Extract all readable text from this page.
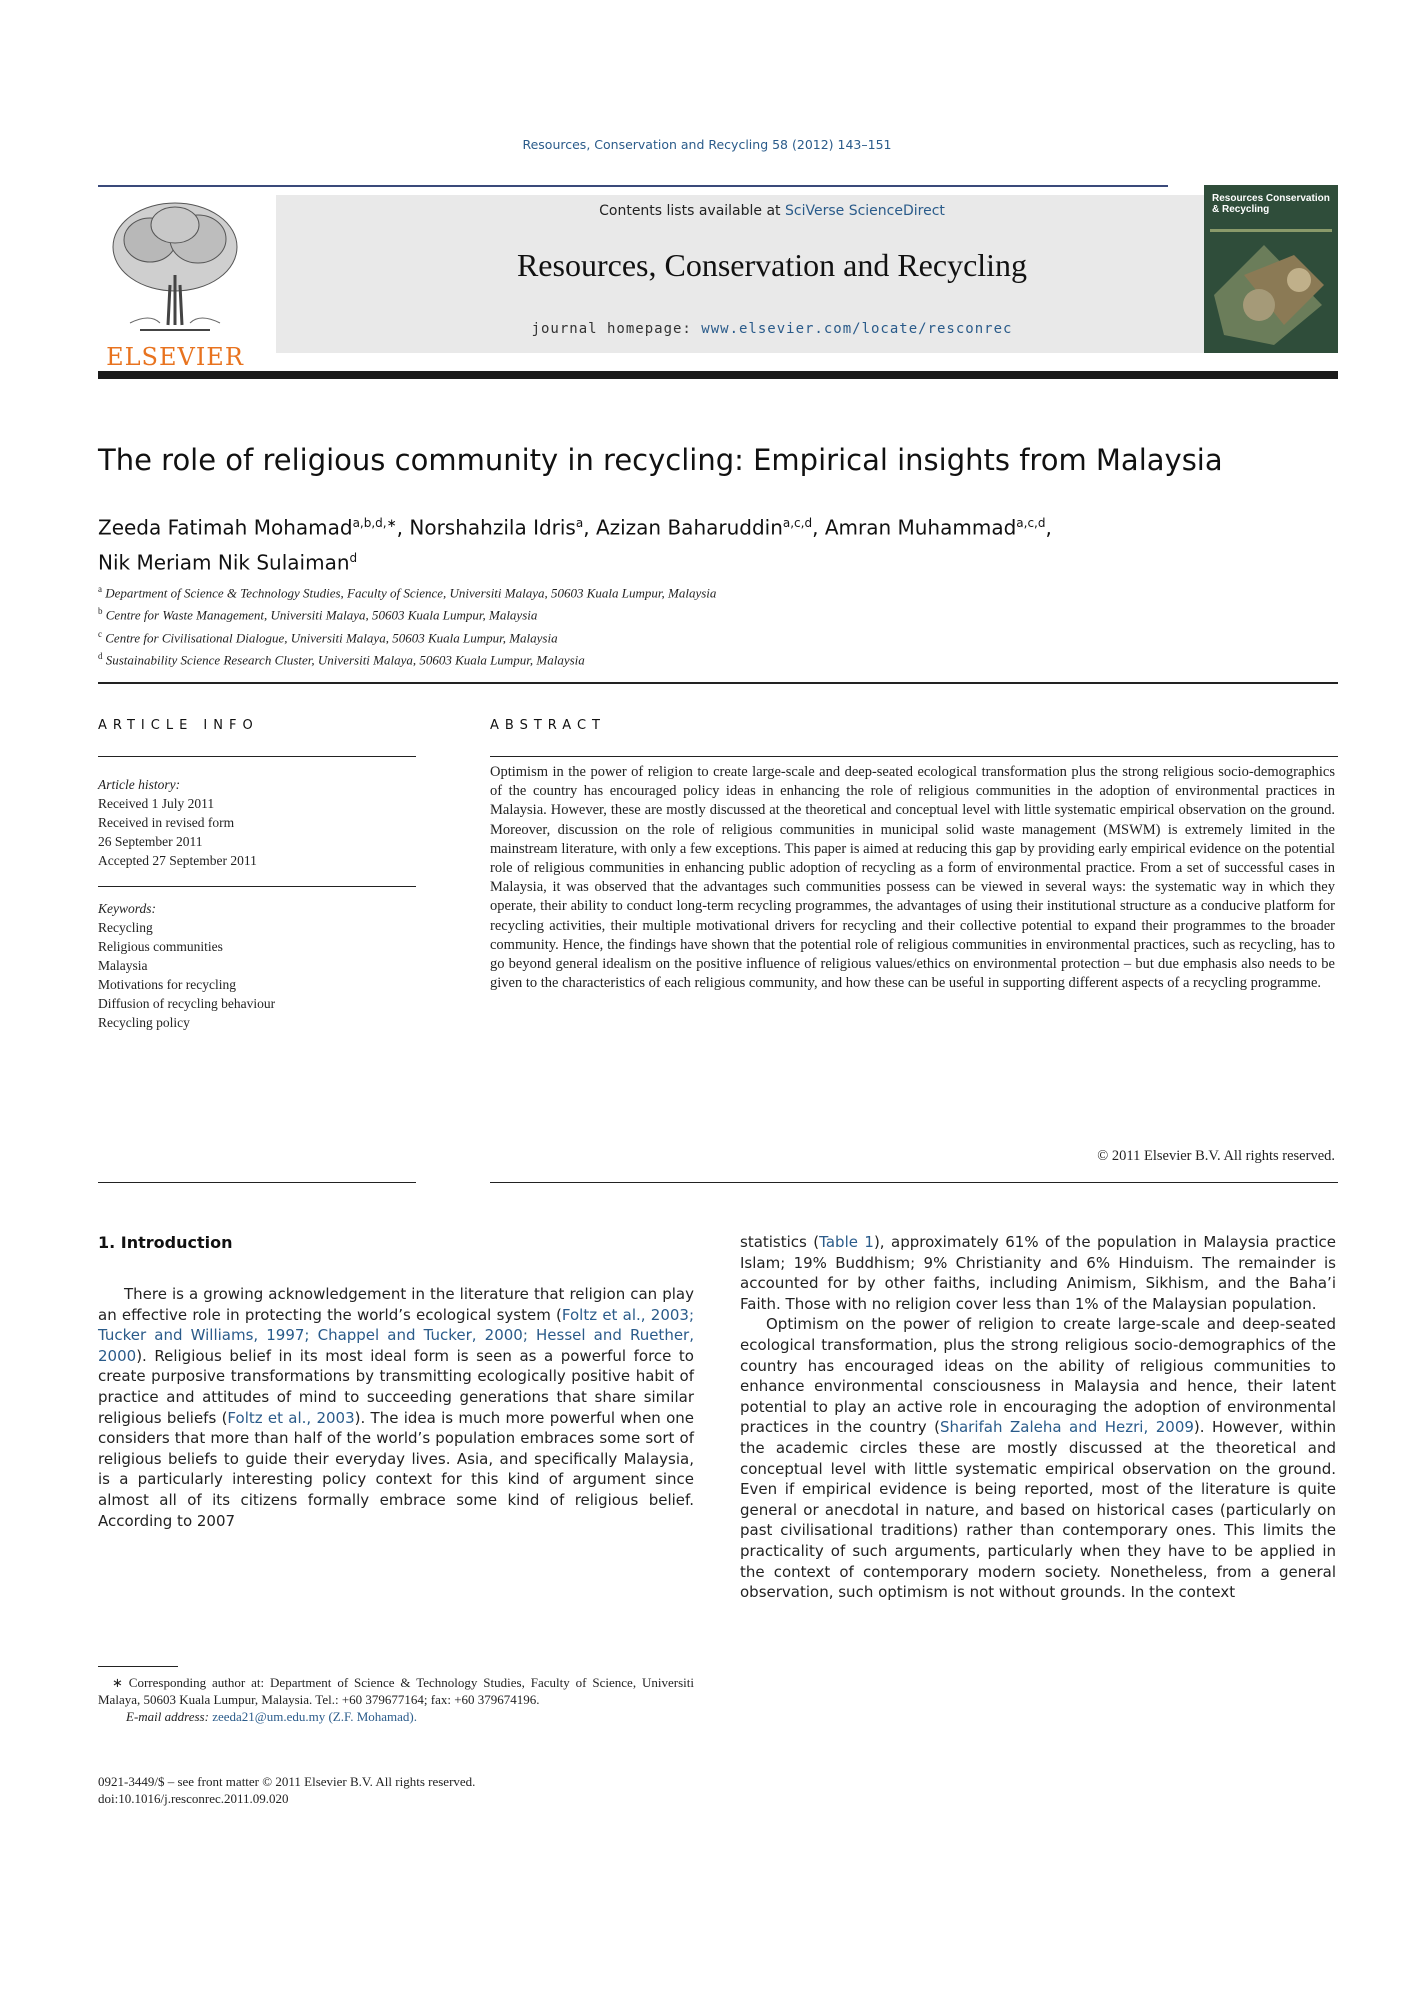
Resources, Conservation and Recycling 58 (2012) 143–151
ELSEVIER
Contents lists available at SciVerse ScienceDirect
Resources, Conservation and Recycling
journal homepage: www.elsevier.com/locate/resconrec
Resources Conservation & Recycling
The role of religious community in recycling: Empirical insights from Malaysia
Zeeda Fatimah Mohamad$^{a,b,d,∗}$, Norshahzila Idris$^a$, Azizan Baharuddin$^{a,c,d}$, Amran Muhammad$^{a,c,d}$,
Nik Meriam Nik Sulaiman$^d$
$^a$ Department of Science & Technology Studies, Faculty of Science, Universiti Malaya, 50603 Kuala Lumpur, Malaysia
$^b$ Centre for Waste Management, Universiti Malaya, 50603 Kuala Lumpur, Malaysia
$^c$ Centre for Civilisational Dialogue, Universiti Malaya, 50603 Kuala Lumpur, Malaysia
$^d$ Sustainability Science Research Cluster, Universiti Malaya, 50603 Kuala Lumpur, Malaysia
ARTICLE INFO	ABSTRACT
Article history:
Received 1 July 2011
Received in revised form
26 September 2011
Accepted 27 September 2011
Keywords:
Recycling
Religious communities
Malaysia
Motivations for recycling
Diffusion of recycling behaviour
Recycling policy
Optimism in the power of religion to create large-scale and deep-seated ecological transformation plus the strong religious socio-demographics of the country has encouraged policy ideas in enhancing the role of religious communities in the adoption of environmental practices in Malaysia. However, these are mostly discussed at the theoretical and conceptual level with little systematic empirical observation on the ground. Moreover, discussion on the role of religious communities in municipal solid waste management (MSWM) is extremely limited in the mainstream literature, with only a few exceptions. This paper is aimed at reducing this gap by providing early empirical evidence on the potential role of religious communities in enhancing public adoption of recycling as a form of environmental practice. From a set of successful cases in Malaysia, it was observed that the advantages such communities possess can be viewed in several ways: the systematic way in which they operate, their ability to conduct long-term recycling programmes, the advantages of using their institutional structure as a conducive platform for recycling activities, their multiple motivational drivers for recycling and their collective potential to expand their programmes to the broader community. Hence, the findings have shown that the potential role of religious communities in environmental practices, such as recycling, has to go beyond general idealism on the positive influence of religious values/ethics on environmental protection – but due emphasis also needs to be given to the characteristics of each religious community, and how these can be useful in supporting different aspects of a recycling programme.
© 2011 Elsevier B.V. All rights reserved.
1. Introduction

There is a growing acknowledgement in the literature that religion can play an effective role in protecting the world’s ecological system (Foltz et al., 2003; Tucker and Williams, 1997; Chappel and Tucker, 2000; Hessel and Ruether, 2000). Religious belief in its most ideal form is seen as a powerful force to create purposive transformations by transmitting ecologically positive habit of practice and attitudes of mind to succeeding generations that share similar religious beliefs (Foltz et al., 2003). The idea is much more powerful when one considers that more than half of the world’s population embraces some sort of religious beliefs to guide their everyday lives. Asia, and specifically Malaysia, is a particularly interesting policy context for this kind of argument since almost all of its citizens formally embrace some kind of religious belief. According to 2007

statistics (Table 1), approximately 61% of the population in Malaysia practice Islam; 19% Buddhism; 9% Christianity and 6% Hinduism. The remainder is accounted for by other faiths, including Animism, Sikhism, and the Baha’i Faith. Those with no religion cover less than 1% of the Malaysian population.

Optimism on the power of religion to create large-scale and deep-seated ecological transformation, plus the strong religious socio-demographics of the country has encouraged ideas on the ability of religious communities to enhance environmental consciousness in Malaysia and hence, their latent potential to play an active role in encouraging the adoption of environmental practices in the country (Sharifah Zaleha and Hezri, 2009). However, within the academic circles these are mostly discussed at the theoretical and conceptual level with little systematic empirical observation on the ground. Even if empirical evidence is being reported, most of the literature is quite general or anecdotal in nature, and based on historical cases (particularly on past civilisational traditions) rather than contemporary ones. This limits the practicality of such arguments, particularly when they have to be applied in the context of contemporary modern society. Nonetheless, from a general observation, such optimism is not without grounds. In the context

∗ Corresponding author at: Department of Science & Technology Studies, Faculty of Science, Universiti Malaya, 50603 Kuala Lumpur, Malaysia. Tel.: +60 379677164; fax: +60 379674196.
E-mail address: zeeda21@um.edu.my (Z.F. Mohamad).
0921-3449/$ – see front matter © 2011 Elsevier B.V. All rights reserved.
doi:10.1016/j.resconrec.2011.09.020
